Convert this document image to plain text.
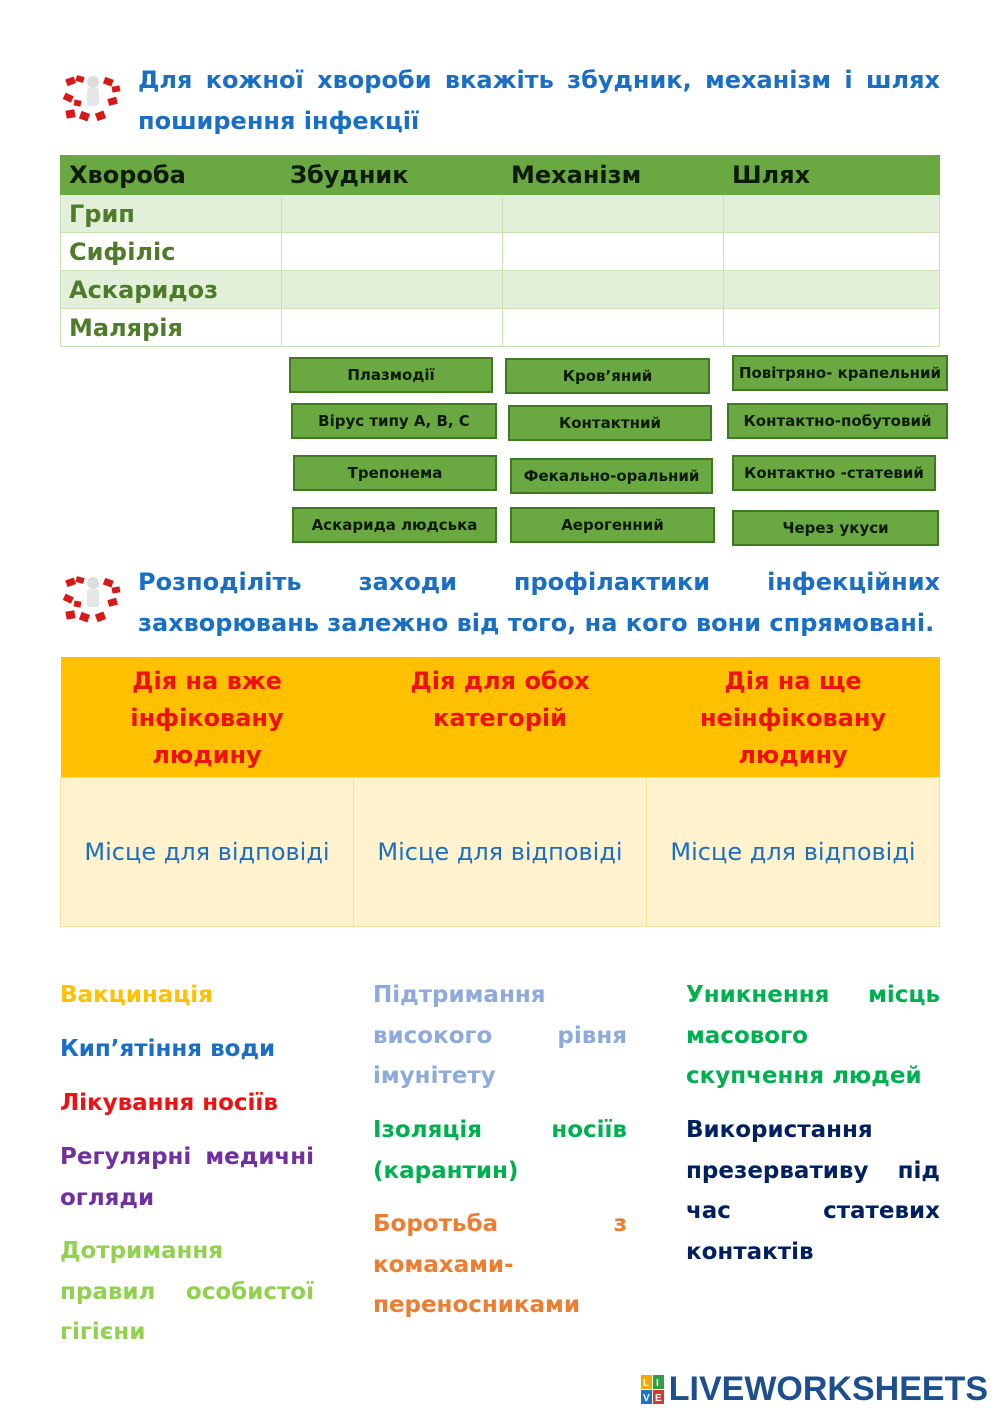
Для кожної хвороби вкажіть збудник, механізм і шлях поширення інфекції
Хвороба	Збудник	Механізм	Шлях
Грип			
Сифіліс			
Аскаридоз			
Малярія			
Плазмодії	Кров’яний	Повітряно- крапельний
Вірус типу А, В, С	Контактний	Контактно-побутовий
Трепонема	Фекально-оральний	Контактно -статевий
Аскарида людська	Аерогенний	Через укуси
Розподіліть заходи профілактики інфекційних захворювань залежно від того, на кого вони спрямовані.
Дія на вже інфіковану людину	Дія для обох категорій	Дія на ще неінфіковану людину
Місце для відповіді	Місце для відповіді	Місце для відповіді
Вакцинація
Кип’ятіння води
Лікування носіїв
Регулярні медичні огляди
Дотримання правил особистої гігієни
Підтримання високого рівня імунітету
Ізоляція носіїв (карантин)
Боротьба з комахами-переносниками
Уникнення місць масового скупчення людей
Використання презервативу під час статевих контактів
L I
V E LIVEWORKSHEETS
